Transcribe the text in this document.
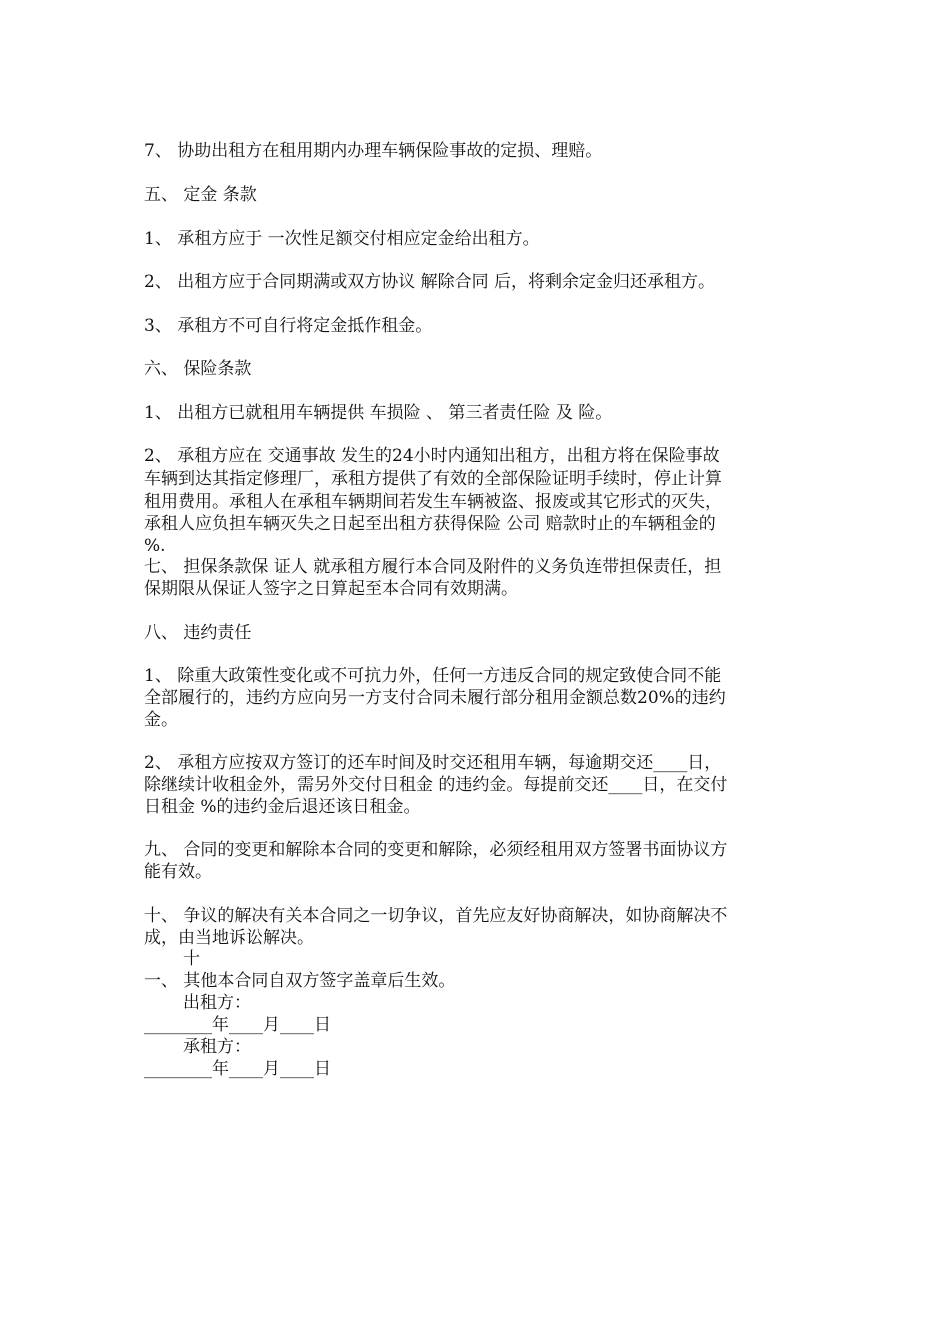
7、 协助出租方在租用期内办理车辆保险事故的定损、理赔。
五、 定金 条款
1、 承租方应于 一次性足额交付相应定金给出租方。
2、 出租方应于合同期满或双方协议 解除合同 后，将剩余定金归还承租方。
3、 承租方不可自行将定金抵作租金。
六、 保险条款
1、 出租方已就租用车辆提供 车损险 、 第三者责任险 及 险。
2、 承租方应在 交通事故 发生的24小时内通知出租方，出租方将在保险事故
车辆到达其指定修理厂，承租方提供了有效的全部保险证明手续时，停止计算
租用费用。承租人在承租车辆期间若发生车辆被盗、报废或其它形式的灭失，
承租人应负担车辆灭失之日起至出租方获得保险 公司 赔款时止的车辆租金的
%.
七、 担保条款保 证人 就承租方履行本合同及附件的义务负连带担保责任，担
保期限从保证人签字之日算起至本合同有效期满。
八、 违约责任
1、 除重大政策性变化或不可抗力外，任何一方违反合同的规定致使合同不能
全部履行的，违约方应向另一方支付合同未履行部分租用金额总数20%的违约
金。
2、 承租方应按双方签订的还车时间及时交还租用车辆，每逾期交还____日，
除继续计收租金外，需另外交付日租金 的违约金。每提前交还____日，在交付
日租金 %的违约金后退还该日租金。
九、 合同的变更和解除本合同的变更和解除，必须经租用双方签署书面协议方
能有效。
十、 争议的解决有关本合同之一切争议，首先应友好协商解决，如协商解决不
成，由当地诉讼解决。
十
一、 其他本合同自双方签字盖章后生效。
出租方：
________年____月____日
承租方：
________年____月____日
